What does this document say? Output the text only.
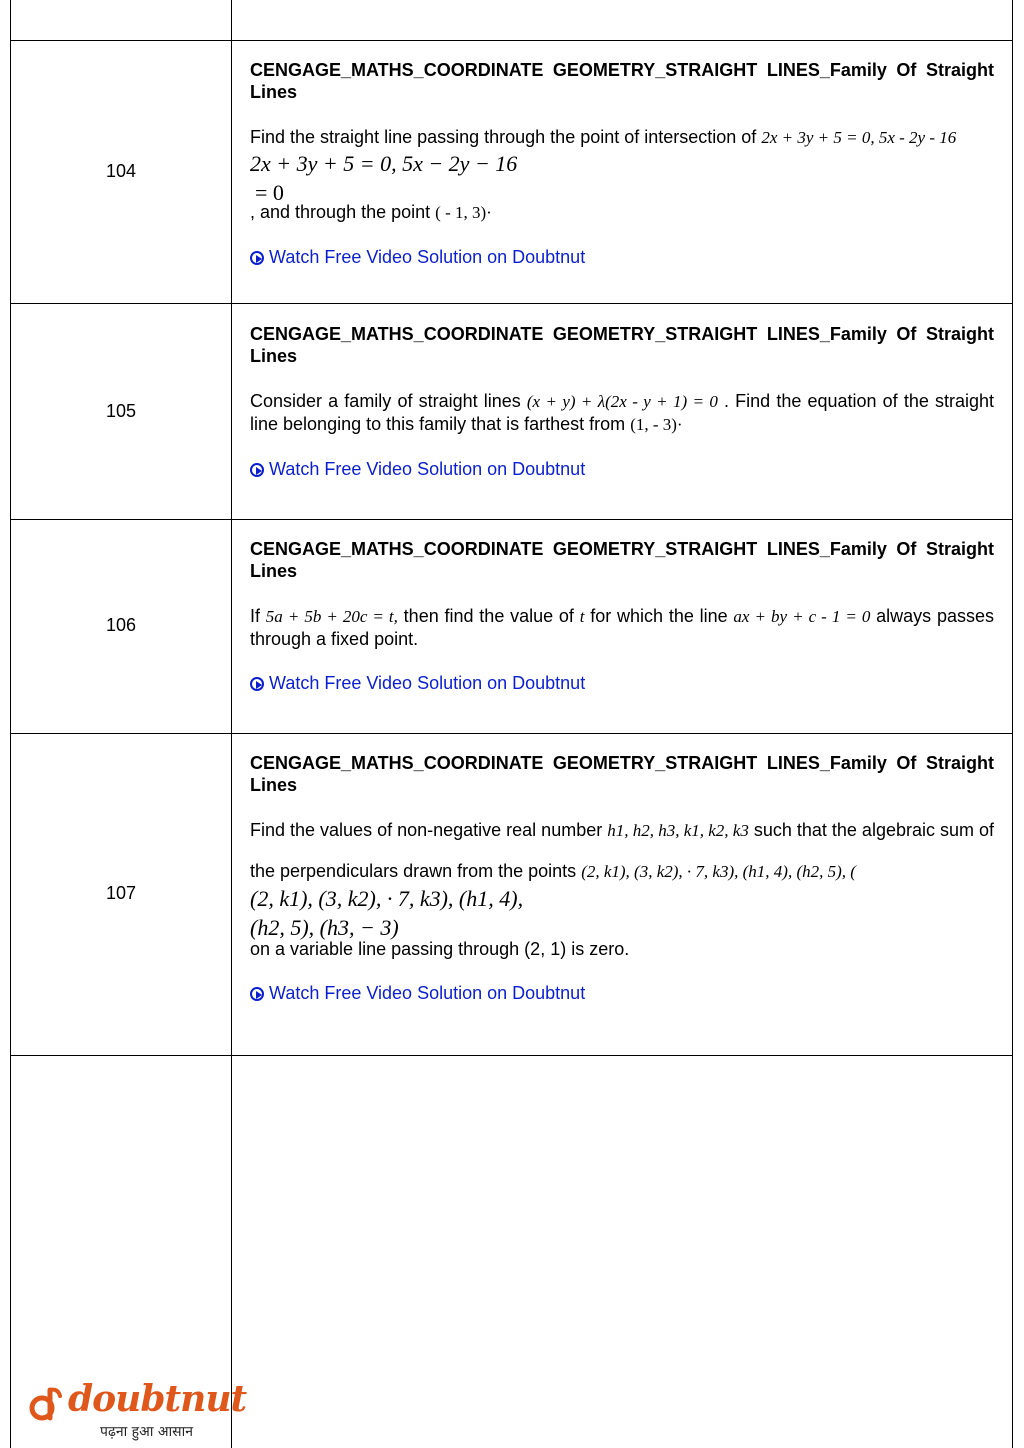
104
CENGAGE_MATHS_COORDINATE GEOMETRY_STRAIGHT LINES_Family Of Straight Lines
Find the straight line passing through the point of intersection of 2x + 3y + 5 = 0, 5x - 2y - 16
2x + 3y + 5 = 0, 5x − 2y − 16
= 0
, and through the point ( - 1, 3)·
Watch Free Video Solution on Doubtnut
105
CENGAGE_MATHS_COORDINATE GEOMETRY_STRAIGHT LINES_Family Of Straight Lines
Consider a family of straight lines (x + y) + λ(2x - y + 1) = 0 . Find the equation of the straight line belonging to this family that is farthest from (1, - 3)·
Watch Free Video Solution on Doubtnut
106
CENGAGE_MATHS_COORDINATE GEOMETRY_STRAIGHT LINES_Family Of Straight Lines
If 5a + 5b + 20c = t, then find the value of t for which the line ax + by + c - 1 = 0 always passes through a fixed point.
Watch Free Video Solution on Doubtnut
107
CENGAGE_MATHS_COORDINATE GEOMETRY_STRAIGHT LINES_Family Of Straight Lines
Find the values of non-negative real number h1, h2, h3, k1, k2, k3 such that the algebraic sum of the perpendiculars drawn from the points (2, k1), (3, k2), · 7, k3), (h1, 4), (h2, 5), (
(2, k1), (3, k2), · 7, k3), (h1, 4),
(h2, 5), (h3, − 3)
on a variable line passing through (2, 1) is zero.
Watch Free Video Solution on Doubtnut
doubtnut
पढ़ना हुआ आसान
